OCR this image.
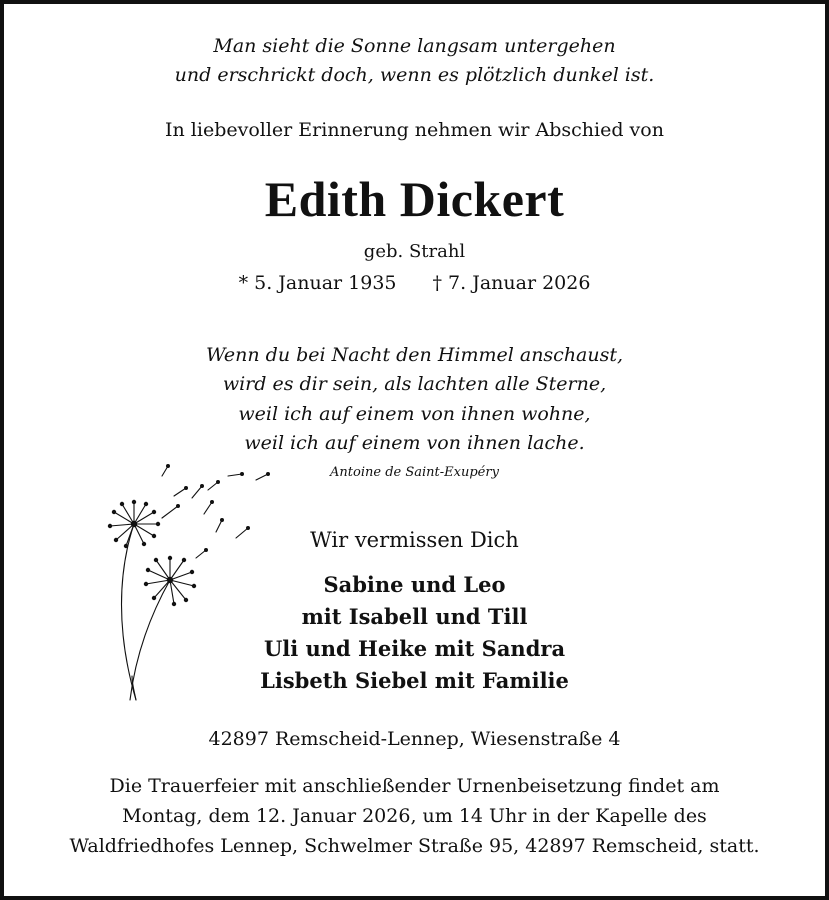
Man sieht die Sonne langsam untergehen
und erschrickt doch, wenn es plötzlich dunkel ist.
In liebevoller Erinnerung nehmen wir Abschied von
Edith Dickert
geb. Strahl
* 5. Januar 1935 † 7. Januar 2026
Wenn du bei Nacht den Himmel anschaust,
wird es dir sein, als lachten alle Sterne,
weil ich auf einem von ihnen wohne,
weil ich auf einem von ihnen lache.
Antoine de Saint-Exupéry
Wir vermissen Dich
Sabine und Leo
mit Isabell und Till
Uli und Heike mit Sandra
Lisbeth Siebel mit Familie
42897 Remscheid-Lennep, Wiesenstraße 4
Die Trauerfeier mit anschließender Urnenbeisetzung findet am
Montag, dem 12. Januar 2026, um 14 Uhr in der Kapelle des
Waldfriedhofes Lennep, Schwelmer Straße 95, 42897 Remscheid, statt.
